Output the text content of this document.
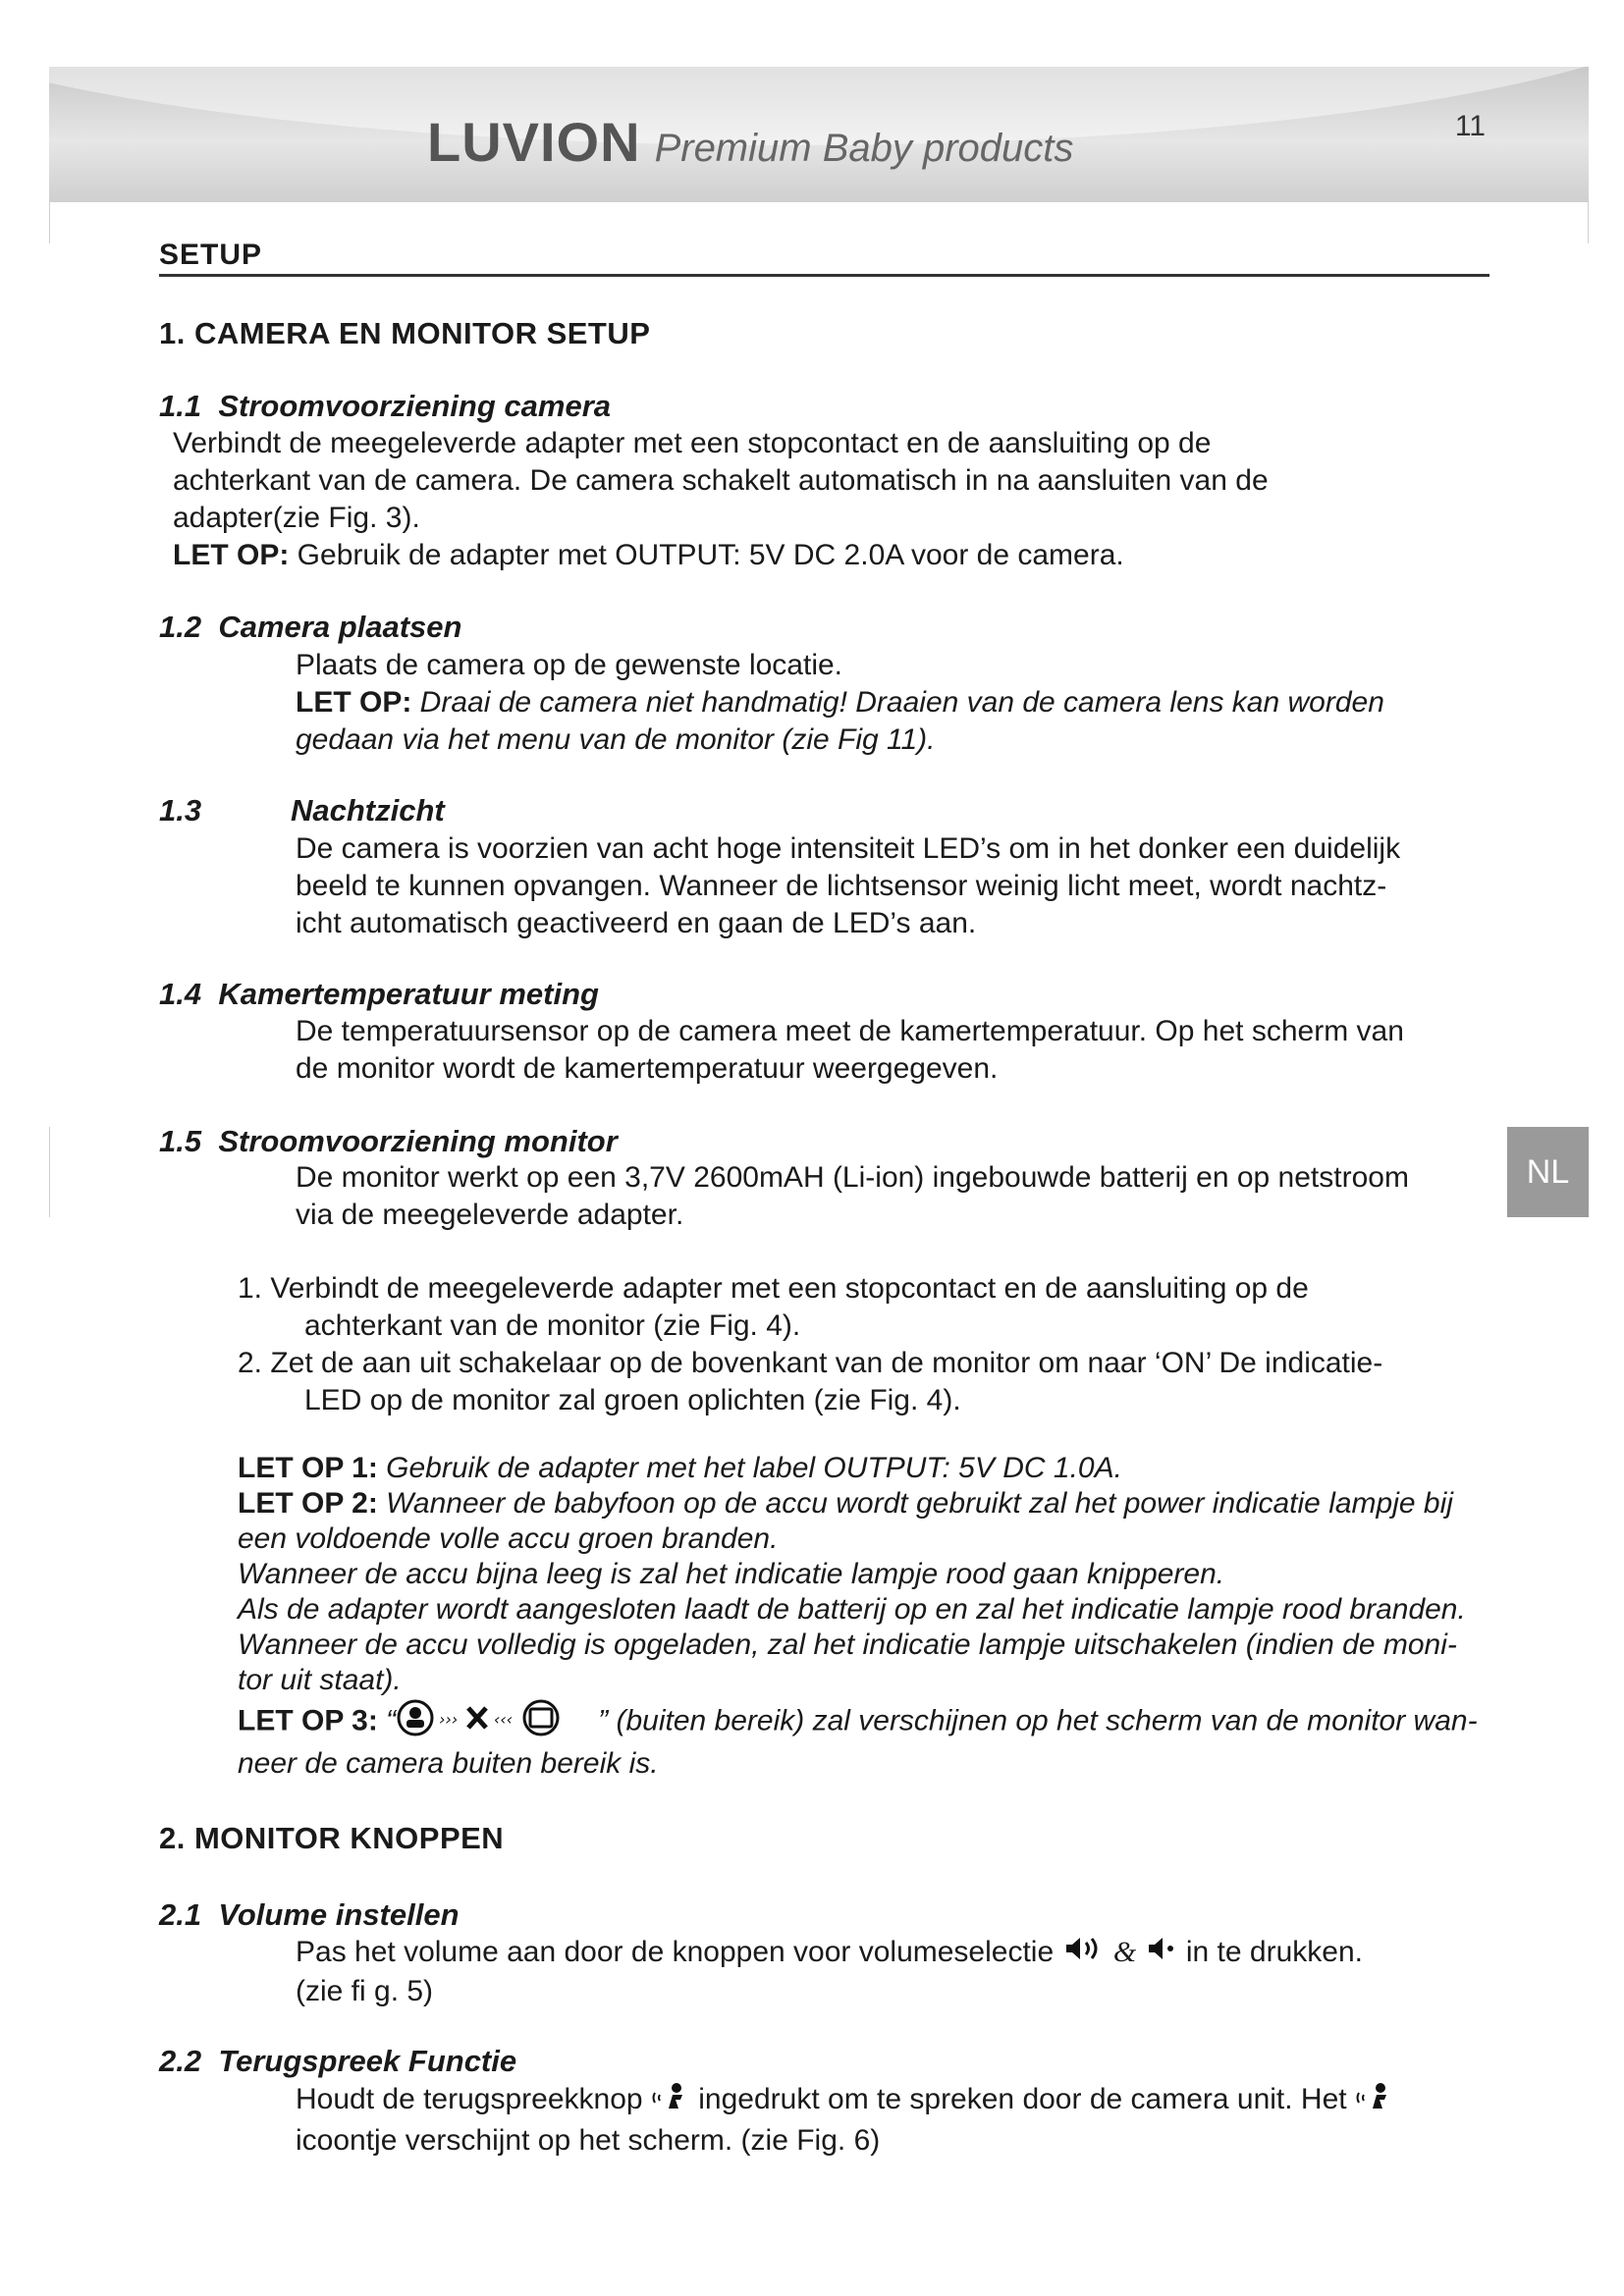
LUVION Premium Baby products
11
NL
SETUP
1. CAMERA EN MONITOR SETUP
1.1 Stroomvoorziening camera
Verbindt de meegeleverde adapter met een stopcontact en de aansluiting op de
achterkant van de camera. De camera schakelt automatisch in na aansluiten van de
adapter(zie Fig. 3).
LET OP: Gebruik de adapter met OUTPUT: 5V DC 2.0A voor de camera.
1.2 Camera plaatsen
Plaats de camera op de gewenste locatie.
LET OP: Draai de camera niet handmatig! Draaien van de camera lens kan worden
gedaan via het menu van de monitor (zie Fig 11).
1.3	Nachtzicht
De camera is voorzien van acht hoge intensiteit LED’s om in het donker een duidelijk
beeld te kunnen opvangen. Wanneer de lichtsensor weinig licht meet, wordt nachtz-
icht automatisch geactiveerd en gaan de LED’s aan.
1.4 Kamertemperatuur meting
De temperatuursensor op de camera meet de kamertemperatuur. Op het scherm van
de monitor wordt de kamertemperatuur weergegeven.
1.5 Stroomvoorziening monitor
De monitor werkt op een 3,7V 2600mAH (Li-ion) ingebouwde batterij en op netstroom
via de meegeleverde adapter.
1. Verbindt de meegeleverde adapter met een stopcontact en de aansluiting op de
achterkant van de monitor (zie Fig. 4).
2. Zet de aan uit schakelaar op de bovenkant van de monitor om naar ‘ON’ De indicatie-
LED op de monitor zal groen oplichten (zie Fig. 4).
LET OP 1: Gebruik de adapter met het label OUTPUT: 5V DC 1.0A.
LET OP 2: Wanneer de babyfoon op de accu wordt gebruikt zal het power indicatie lampje bij
een voldoende volle accu groen branden.
Wanneer de accu bijna leeg is zal het indicatie lampje rood gaan knipperen.
Als de adapter wordt aangesloten laadt de batterij op en zal het indicatie lampje rood branden.
Wanneer de accu volledig is opgeladen, zal het indicatie lampje uitschakelen (indien de moni-
tor uit staat).
LET OP 3: “	››› ‹‹‹	” (buiten bereik) zal verschijnen op het scherm van de monitor wan-
neer de camera buiten bereik is.
2. MONITOR KNOPPEN
2.1 Volume instellen
Pas het volume aan door de knoppen voor volumeselectie & in te drukken.
(zie fi g. 5)
2.2 Terugspreek Functie
Houdt de terugspreekknop ingedrukt om te spreken door de camera unit. Het
icoontje verschijnt op het scherm. (zie Fig. 6)
